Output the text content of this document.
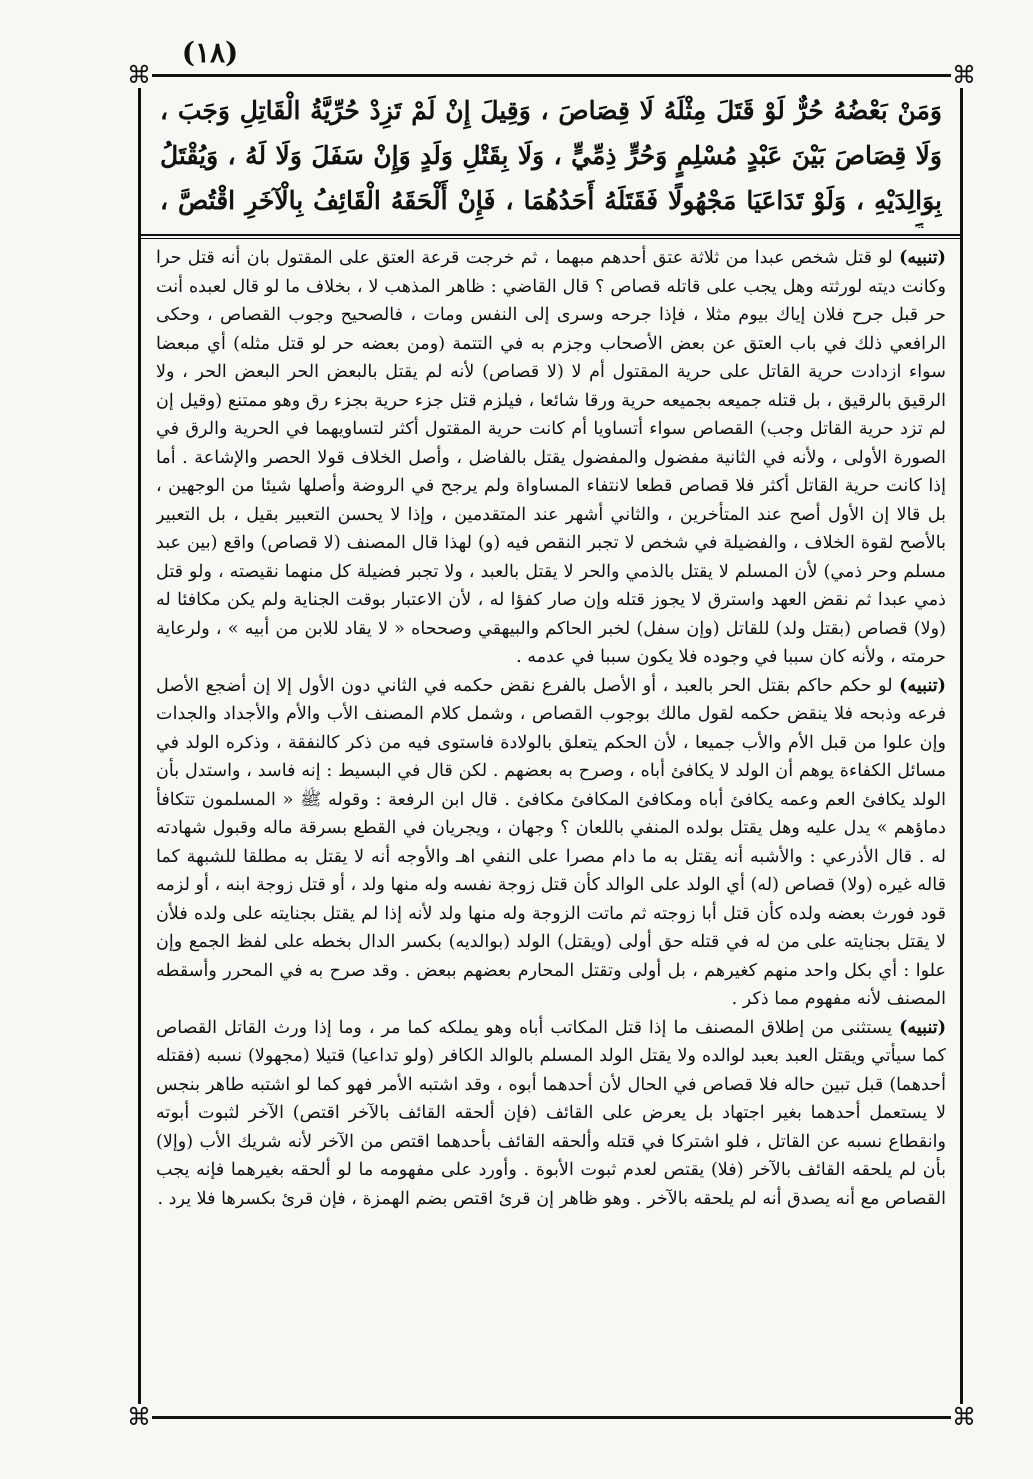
(١٨)
⌘	⌘
⌘	⌘
وَمَنْ بَعْضُهُ حُرٌّ لَوْ قَتَلَ مِثْلَهُ لَا قِصَاصَ ، وَقِيلَ إِنْ لَمْ تَزِدْ حُرِّيَّةُ الْقَاتِلِ وَجَبَ ، وَلَا قِصَاصَ بَيْنَ عَبْدٍ مُسْلِمٍ وَحُرٍّ ذِمِّيٍّ ، وَلَا بِقَتْلِ وَلَدٍ وَإِنْ سَفَلَ وَلَا لَهُ ، وَيُقْتَلُ بِوَالِدَيْهِ ، وَلَوْ تَدَاعَيَا مَجْهُولًا فَقَتَلَهُ أَحَدُهُمَا ، فَإِنْ أَلْحَقَهُ الْقَائِفُ بِالْآخَرِ اقْتُصَّ ،

(تنبيه) لو قتل شخص عبدا من ثلاثة عتق أحدهم مبهما ، ثم خرجت قرعة العتق على المقتول بان أنه قتل حرا وكانت ديته لورثته وهل يجب على قاتله قصاص ؟ قال القاضي : ظاهر المذهب لا ، بخلاف ما لو قال لعبده أنت حر قبل جرح فلان إياك بيوم مثلا ، فإذا جرحه وسرى إلى النفس ومات ، فالصحيح وجوب القصاص ، وحكى الرافعي ذلك في باب العتق عن بعض الأصحاب وجزم به في التتمة (ومن بعضه حر لو قتل مثله) أي مبعضا سواء ازدادت حرية القاتل على حرية المقتول أم لا (لا قصاص) لأنه لم يقتل بالبعض الحر البعض الحر ، ولا الرقيق بالرقيق ، بل قتله جميعه بجميعه حرية ورقا شائعا ، فيلزم قتل جزء حرية بجزء رق وهو ممتنع (وقيل إن لم تزد حرية القاتل وجب) القصاص سواء أتساويا أم كانت حرية المقتول أكثر لتساويهما في الحرية والرق في الصورة الأولى ، ولأنه في الثانية مفضول والمفضول يقتل بالفاضل ، وأصل الخلاف قولا الحصر والإشاعة . أما إذا كانت حرية القاتل أكثر فلا قصاص قطعا لانتفاء المساواة ولم يرجح في الروضة وأصلها شيئا من الوجهين ، بل قالا إن الأول أصح عند المتأخرين ، والثاني أشهر عند المتقدمين ، وإذا لا يحسن التعبير بقيل ، بل التعبير بالأصح لقوة الخلاف ، والفضيلة في شخص لا تجبر النقص فيه (و) لهذا قال المصنف (لا قصاص) واقع (بين عبد مسلم وحر ذمي) لأن المسلم لا يقتل بالذمي والحر لا يقتل بالعبد ، ولا تجبر فضيلة كل منهما نقيصته ، ولو قتل ذمي عبدا ثم نقض العهد واسترق لا يجوز قتله وإن صار كفؤا له ، لأن الاعتبار بوقت الجناية ولم يكن مكافئا له (ولا) قصاص (بقتل ولد) للقاتل (وإن سفل) لخبر الحاكم والبيهقي وصححاه « لا يقاد للابن من أبيه » ، ولرعاية حرمته ، ولأنه كان سببا في وجوده فلا يكون سببا في عدمه .

(تنبيه) لو حكم حاكم بقتل الحر بالعبد ، أو الأصل بالفرع نقض حكمه في الثاني دون الأول إلا إن أضجع الأصل فرعه وذبحه فلا ينقض حكمه لقول مالك بوجوب القصاص ، وشمل كلام المصنف الأب والأم والأجداد والجدات وإن علوا من قبل الأم والأب جميعا ، لأن الحكم يتعلق بالولادة فاستوى فيه من ذكر كالنفقة ، وذكره الولد في مسائل الكفاءة يوهم أن الولد لا يكافئ أباه ، وصرح به بعضهم . لكن قال في البسيط : إنه فاسد ، واستدل بأن الولد يكافئ العم وعمه يكافئ أباه ومكافئ المكافئ مكافئ . قال ابن الرفعة : وقوله ﷺ « المسلمون تتكافأ دماؤهم » يدل عليه وهل يقتل بولده المنفي باللعان ؟ وجهان ، ويجريان في القطع بسرقة ماله وقبول شهادته له . قال الأذرعي : والأشبه أنه يقتل به ما دام مصرا على النفي اهـ والأوجه أنه لا يقتل به مطلقا للشبهة كما قاله غيره (ولا) قصاص (له) أي الولد على الوالد كأن قتل زوجة نفسه وله منها ولد ، أو قتل زوجة ابنه ، أو لزمه قود فورث بعضه ولده كأن قتل أبا زوجته ثم ماتت الزوجة وله منها ولد لأنه إذا لم يقتل بجنايته على ولده فلأن لا يقتل بجنايته على من له في قتله حق أولى (ويقتل) الولد (بوالديه) بكسر الدال بخطه على لفظ الجمع وإن علوا : أي بكل واحد منهم كغيرهم ، بل أولى وتقتل المحارم بعضهم ببعض . وقد صرح به في المحرر وأسقطه المصنف لأنه مفهوم مما ذكر .

(تنبيه) يستثنى من إطلاق المصنف ما إذا قتل المكاتب أباه وهو يملكه كما مر ، وما إذا ورث القاتل القصاص كما سيأتي ويقتل العبد بعبد لوالده ولا يقتل الولد المسلم بالوالد الكافر (ولو تداعيا) قتيلا (مجهولا) نسبه (فقتله أحدهما) قبل تبين حاله فلا قصاص في الحال لأن أحدهما أبوه ، وقد اشتبه الأمر فهو كما لو اشتبه طاهر بنجس لا يستعمل أحدهما بغير اجتهاد بل يعرض على القائف (فإن ألحقه القائف بالآخر اقتص) الآخر لثبوت أبوته وانقطاع نسبه عن القاتل ، فلو اشتركا في قتله وألحقه القائف بأحدهما اقتص من الآخر لأنه شريك الأب (وإلا) بأن لم يلحقه القائف بالآخر (فلا) يقتص لعدم ثبوت الأبوة . وأورد على مفهومه ما لو ألحقه بغيرهما فإنه يجب القصاص مع أنه يصدق أنه لم يلحقه بالآخر . وهو ظاهر إن قرئ اقتص بضم الهمزة ، فإن قرئ بكسرها فلا يرد .
